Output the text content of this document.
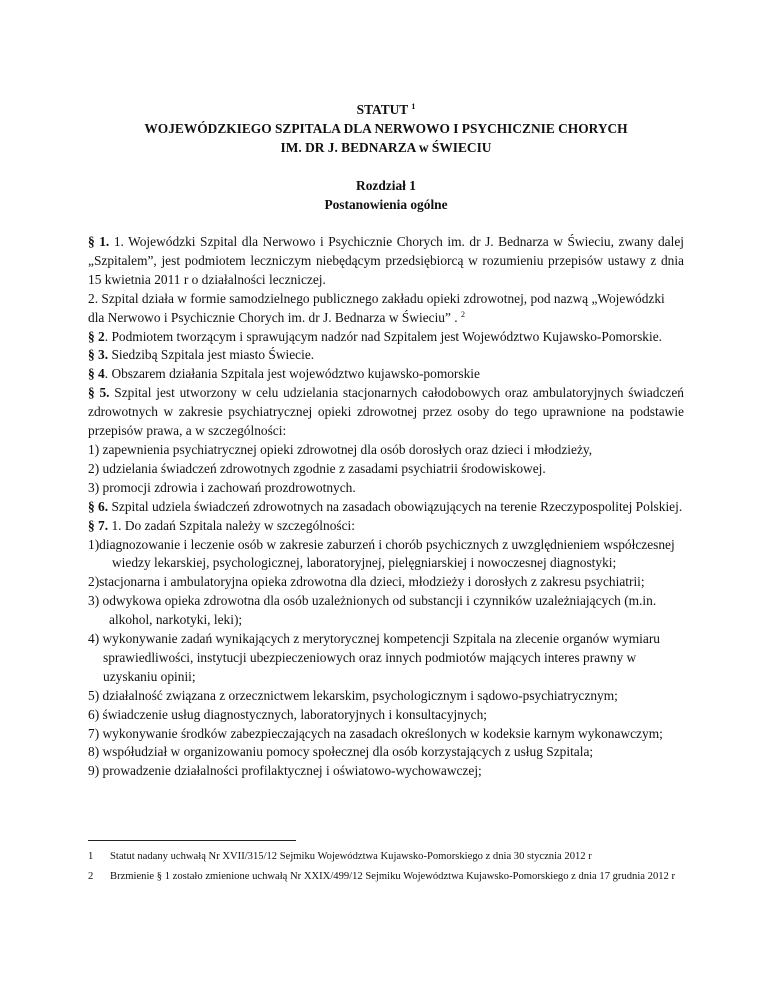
STATUT $^1$
WOJEWÓDZKIEGO SZPITALA DLA NERWOWO I PSYCHICZNIE CHORYCH
IM. DR J. BEDNARZA w ŚWIECIU
Rozdział 1
Postanowienia ogólne

§ 1. 1. Wojewódzki Szpital dla Nerwowo i Psychicznie Chorych im. dr J. Bednarza w Świeciu, zwany dalej „Szpitalem”, jest podmiotem leczniczym niebędącym przedsiębiorcą w rozumieniu przepisów ustawy z dnia 15 kwietnia 2011 r o działalności leczniczej.

2. Szpital działa w formie samodzielnego publicznego zakładu opieki zdrowotnej, pod nazwą „Wojewódzki dla Nerwowo i Psychicznie Chorych im. dr J. Bednarza w Świeciu” . $^2$

§ 2. Podmiotem tworzącym i sprawującym nadzór nad Szpitalem jest Województwo Kujawsko-Pomorskie.

§ 3. Siedzibą Szpitala jest miasto Świecie.

§ 4. Obszarem działania Szpitala jest województwo kujawsko-pomorskie

§ 5. Szpital jest utworzony w celu udzielania stacjonarnych całodobowych oraz ambulatoryjnych świadczeń zdrowotnych w zakresie psychiatrycznej opieki zdrowotnej przez osoby do tego uprawnione na podstawie przepisów prawa, a w szczególności:

1) zapewnienia psychiatrycznej opieki zdrowotnej dla osób dorosłych oraz dzieci i młodzieży,

2) udzielania świadczeń zdrowotnych zgodnie z zasadami psychiatrii środowiskowej.

3) promocji zdrowia i zachowań prozdrowotnych.

§ 6. Szpital udziela świadczeń zdrowotnych na zasadach obowiązujących na terenie Rzeczypospolitej Polskiej.

§ 7. 1. Do zadań Szpitala należy w szczególności:

1)diagnozowanie i leczenie osób w zakresie zaburzeń i chorób psychicznych z uwzględnieniem współczesnej wiedzy lekarskiej, psychologicznej, laboratoryjnej, pielęgniarskiej i nowoczesnej diagnostyki;

2)stacjonarna i ambulatoryjna opieka zdrowotna dla dzieci, młodzieży i dorosłych z zakresu psychiatrii;

3) odwykowa opieka zdrowotna dla osób uzależnionych od substancji i czynników uzależniających (m.in. alkohol, narkotyki, leki);

4) wykonywanie zadań wynikających z merytorycznej kompetencji Szpitala na zlecenie organów wymiaru sprawiedliwości, instytucji ubezpieczeniowych oraz innych podmiotów mających interes prawny w uzyskaniu opinii;

5) działalność związana z orzecznictwem lekarskim, psychologicznym i sądowo-psychiatrycznym;

6) świadczenie usług diagnostycznych, laboratoryjnych i konsultacyjnych;

7) wykonywanie środków zabezpieczających na zasadach określonych w kodeksie karnym wykonawczym;

8) współudział w organizowaniu pomocy społecznej dla osób korzystających z usług Szpitala;

9) prowadzenie działalności profilaktycznej i oświatowo-wychowawczej;

1 Statut nadany uchwałą Nr XVII/315/12 Sejmiku Województwa Kujawsko-Pomorskiego z dnia 30 stycznia 2012 r
2 Brzmienie § 1 zostało zmienione uchwałą Nr XXIX/499/12 Sejmiku Województwa Kujawsko-Pomorskiego z dnia 17 grudnia 2012 r
